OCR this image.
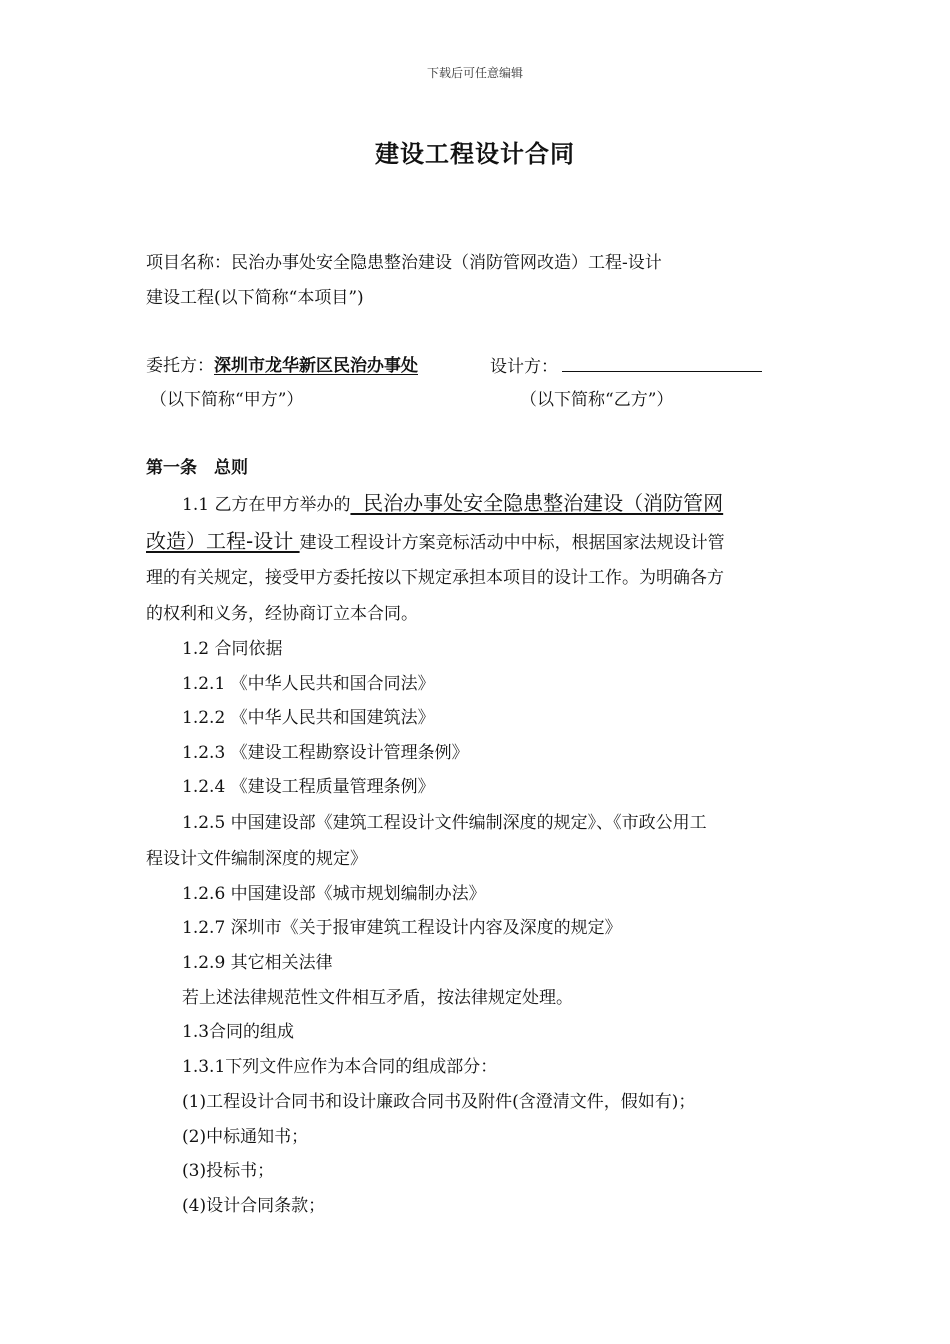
下载后可任意编辑
建设工程设计合同
项目名称：民治办事处安全隐患整治建设（消防管网改造）工程-设计
建设工程(以下简称“本项目”)
委托方：深圳市龙华新区民治办事处	设计方：
（以下简称“甲方”）	（以下简称“乙方”）
第一条　总则
1.1 乙方在甲方举办的  民治办事处安全隐患整治建设（消防管网
改造）工程-设计 建设工程设计方案竞标活动中中标，根据国家法规设计管
理的有关规定，接受甲方委托按以下规定承担本项目的设计工作。为明确各方
的权利和义务，经协商订立本合同。
1.2 合同依据
1.2.1 《中华人民共和国合同法》
1.2.2 《中华人民共和国建筑法》
1.2.3 《建设工程勘察设计管理条例》
1.2.4 《建设工程质量管理条例》
1.2.5 中国建设部《建筑工程设计文件编制深度的规定》、《市政公用工
程设计文件编制深度的规定》
1.2.6 中国建设部《城市规划编制办法》
1.2.7 深圳市《关于报审建筑工程设计内容及深度的规定》
1.2.9 其它相关法律
若上述法律规范性文件相互矛盾，按法律规定处理。
1.3合同的组成
1.3.1下列文件应作为本合同的组成部分：
(1)工程设计合同书和设计廉政合同书及附件(含澄清文件，假如有)；
(2)中标通知书；
(3)投标书；
(4)设计合同条款；
